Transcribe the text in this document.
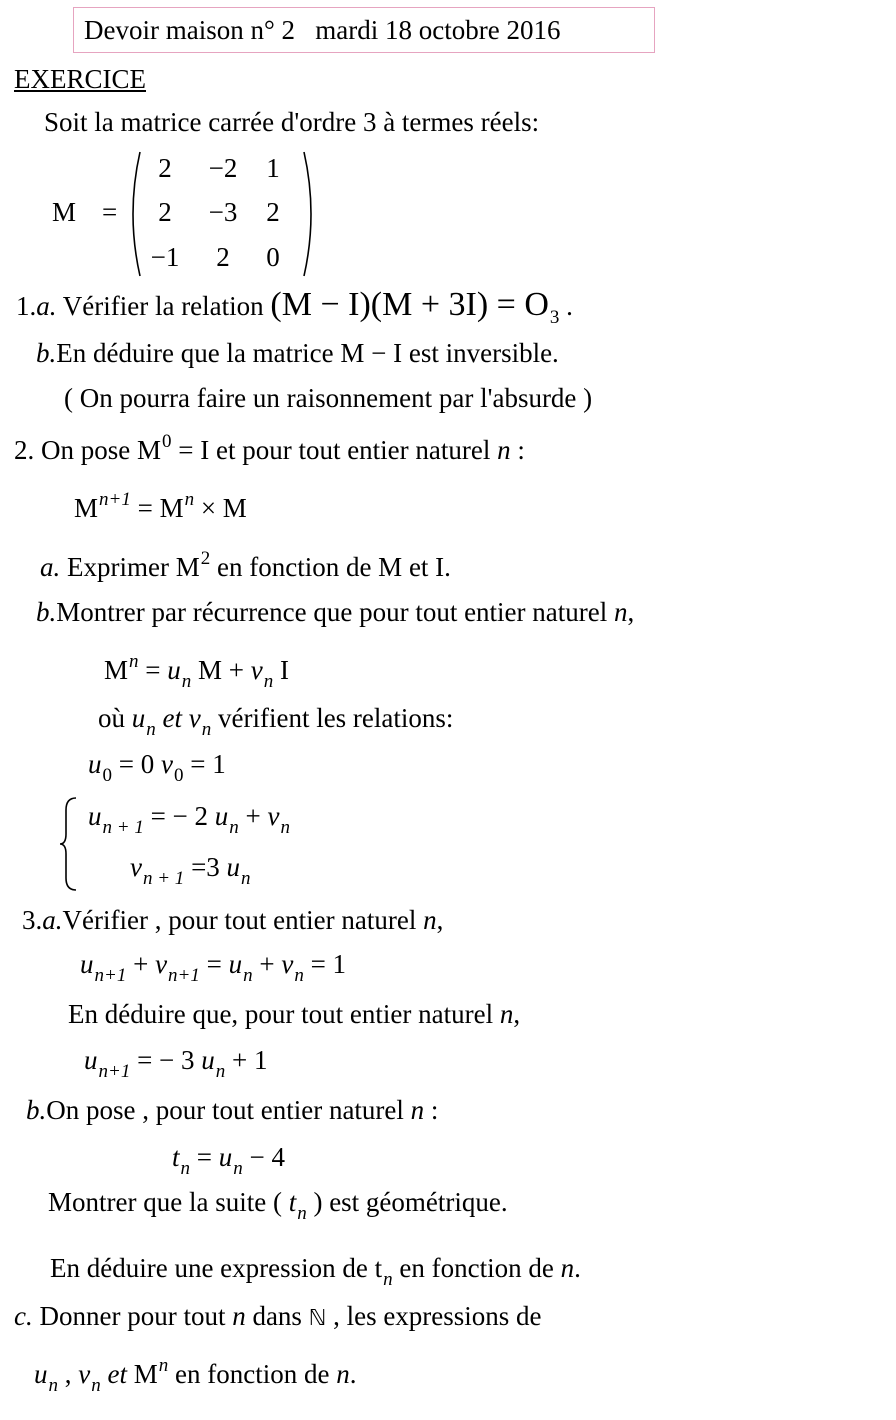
Devoir maison n° 2   mardi 18 octobre 2016
EXERCICE
Soit la matrice carrée d'ordre 3 à termes réels:
M =
2	−2	1
2	−3	2
−1	2	0
1.a. Vérifier la relation $(M - I)(M + 3I) = O_3$ .
b.En déduire que la matrice M − I est inversible.
( On pourra faire un raisonnement par l'absurde )
2. On pose $M^0 = I$ et pour tout entier naturel n :
$M^{n+1} = M^n \times M$
a. Exprimer $M^2$ en fonction de M et I.
b.Montrer par récurrence que pour tout entier naturel n,
$M^n = u_n$ $M + v_n$ I
où $u_n$ et $v_n$ vérifient les relations:
$u_0 = 0$ $v_0 = 1$
$u_{n + 1}$ = − 2 $u_n + v_n$
$v_{n + 1} =3$ $u_n$
3.a.Vérifier , pour tout entier naturel n,
$u_{n+1} + v_{n+1} = u_n + v_n = 1$
En déduire que, pour tout entier naturel n,
$u_{n+1}$ = − 3 $u_n + 1$
b.On pose , pour tout entier naturel n :
$t_n = u_n - 4$
Montrer que la suite ( $t_n$ ) est géométrique.
En déduire une expression de $t_n$ en fonction de n.
c. Donner pour tout n dans ℕ , les expressions de
$u_n$ , $v_n$ et $M^n$ en fonction de n.
